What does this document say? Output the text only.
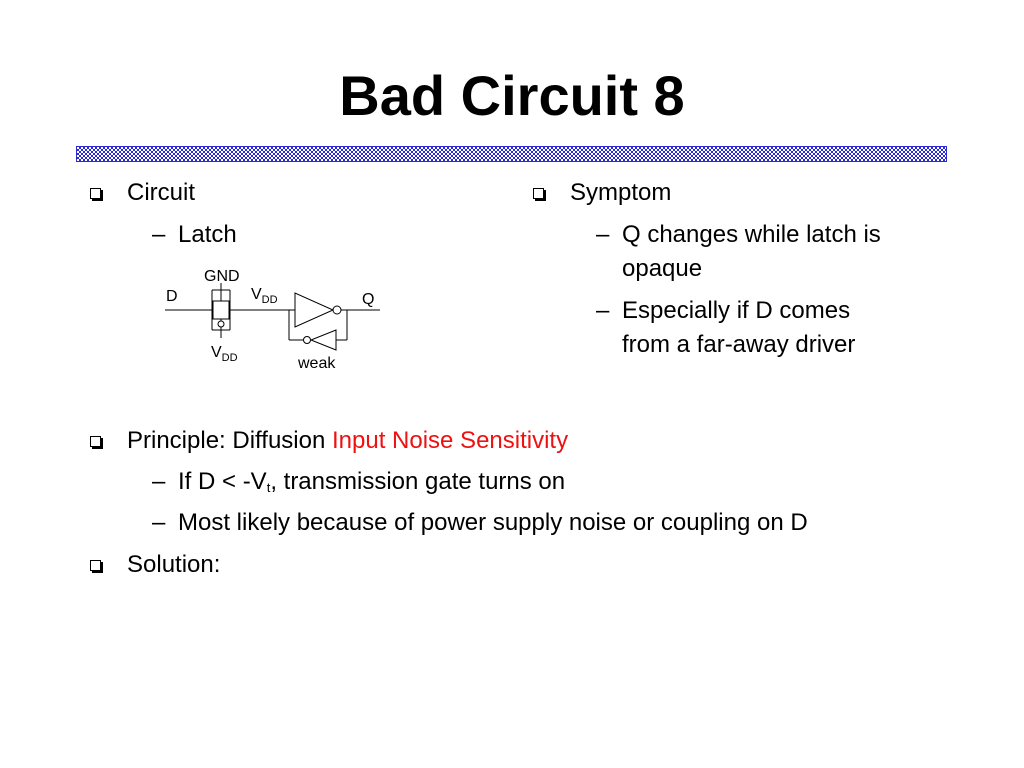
Bad Circuit 8
Circuit
– Latch
GND
D	$V_{DD}$	Q
$V_{DD}$	weak
Symptom
– Q changes while latch is
opaque
– Especially if D comes
from a far-away driver
Principle: Diffusion Input Noise Sensitivity
– If $D < -V_t$, transmission gate turns on
– Most likely because of power supply noise or coupling on D
Solution:
